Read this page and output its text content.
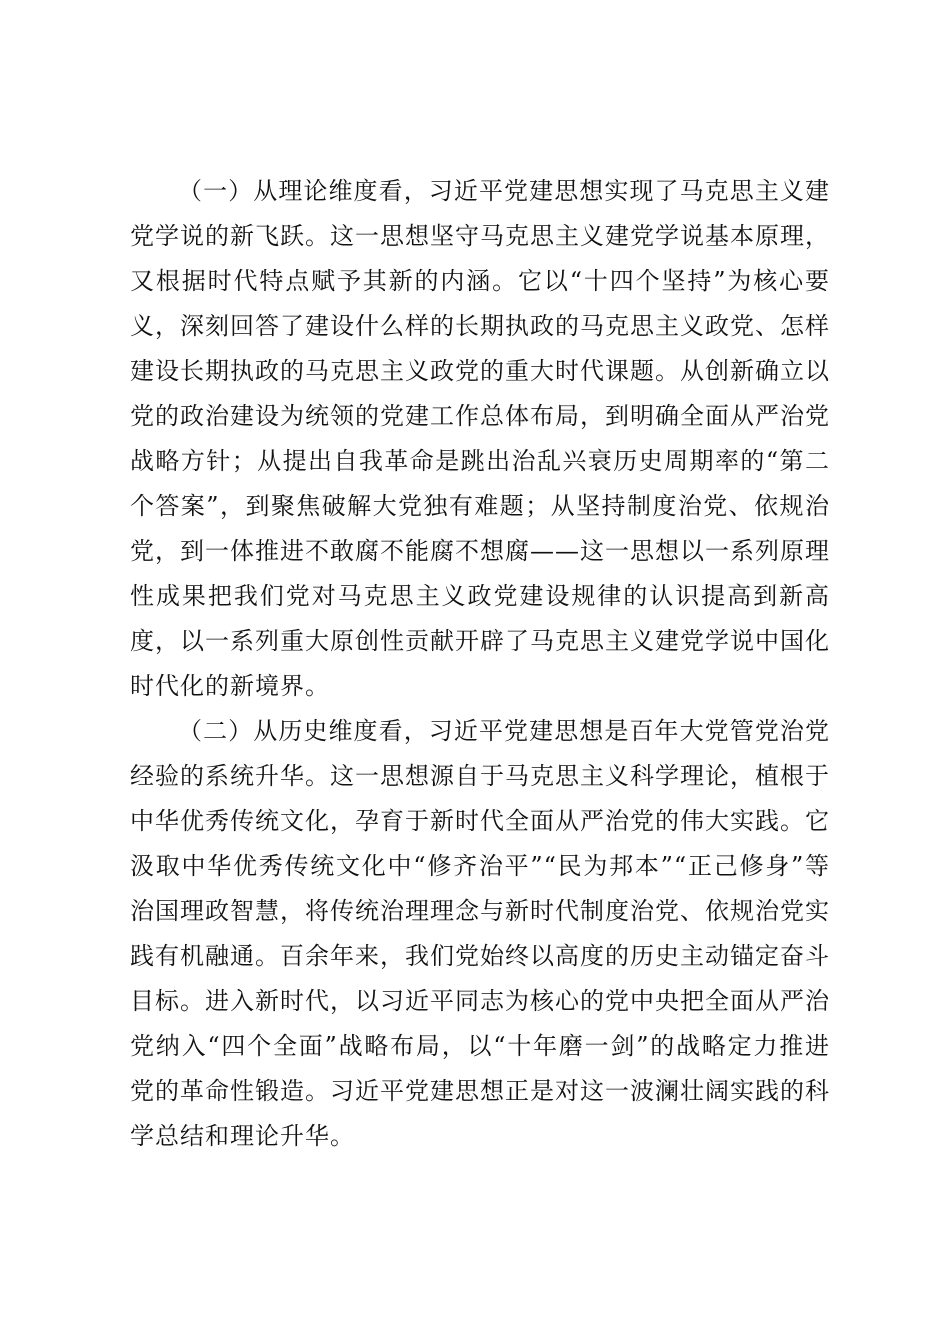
（一）从理论维度看，习近平党建思想实现了马克思主义建党学说的新飞跃。这一思想坚守马克思主义建党学说基本原理，又根据时代特点赋予其新的内涵。它以“十四个坚持”为核心要义，深刻回答了建设什么样的长期执政的马克思主义政党、怎样建设长期执政的马克思主义政党的重大时代课题。从创新确立以党的政治建设为统领的党建工作总体布局，到明确全面从严治党战略方针；从提出自我革命是跳出治乱兴衰历史周期率的“第二个答案”，到聚焦破解大党独有难题；从坚持制度治党、依规治党，到一体推进不敢腐不能腐不想腐——这一思想以一系列原理性成果把我们党对马克思主义政党建设规律的认识提高到新高度，以一系列重大原创性贡献开辟了马克思主义建党学说中国化时代化的新境界。

（二）从历史维度看，习近平党建思想是百年大党管党治党经验的系统升华。这一思想源自于马克思主义科学理论，植根于中华优秀传统文化，孕育于新时代全面从严治党的伟大实践。它汲取中华优秀传统文化中“修齐治平”“民为邦本”“正己修身”等治国理政智慧，将传统治理理念与新时代制度治党、依规治党实践有机融通。百余年来，我们党始终以高度的历史主动锚定奋斗目标。进入新时代，以习近平同志为核心的党中央把全面从严治党纳入“四个全面”战略布局，以“十年磨一剑”的战略定力推进党的革命性锻造。习近平党建思想正是对这一波澜壮阔实践的科学总结和理论升华。
